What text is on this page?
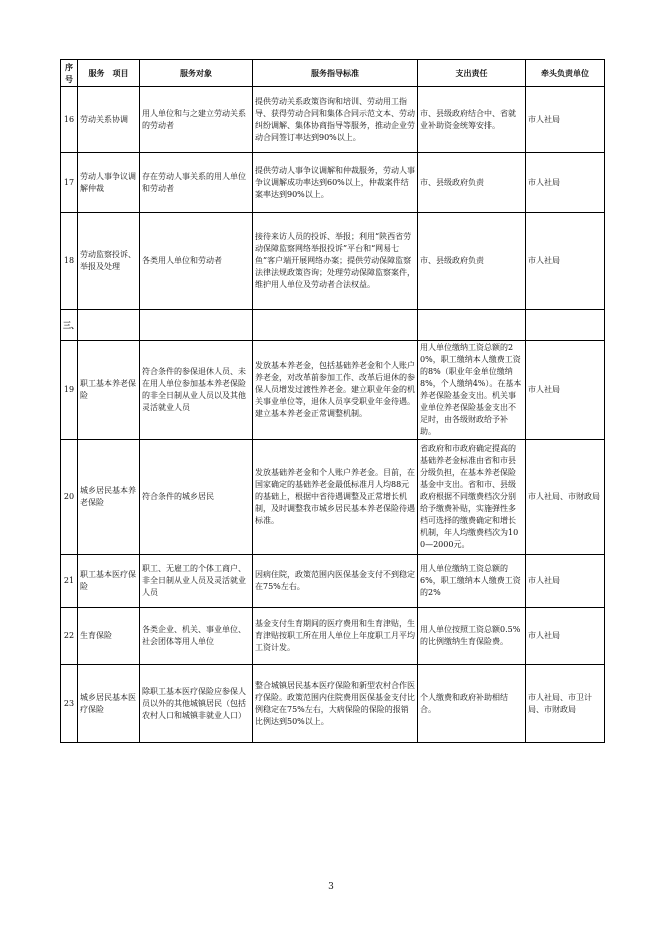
序号	服务　项目	服务对象	服务指导标准	支出责任	牵头负责单位
16	劳动关系协调	用人单位和与之建立劳动关系的劳动者	提供劳动关系政策咨询和培训、劳动用工指导、获得劳动合同和集体合同示范文本、劳动纠纷调解、集体协商指导等服务，推动企业劳动合同签订率达到90%以上。	市、县级政府结合中、省就业补助资金统筹安排。	市人社局
17	劳动人事争议调解仲裁	存在劳动人事关系的用人单位和劳动者	提供劳动人事争议调解和仲裁服务，劳动人事争议调解成功率达到60%以上，仲裁案件结案率达到90%以上。	市、县级政府负责	市人社局
18	劳动监察投诉、举报及处理	各类用人单位和劳动者	接待来访人员的投诉、举报；利用“陕西省劳动保障监察网络举报投诉”平台和“网易七鱼”客户端开展网络办案；提供劳动保障监察法律法规政策咨询；处理劳动保障监察案件，维护用人单位及劳动者合法权益。	市、县级政府负责	市人社局
三、					
19	职工基本养老保险	符合条件的参保退休人员、未在用人单位参加基本养老保险的非全日制从业人员以及其他灵活就业人员	发放基本养老金，包括基础养老金和个人账户养老金，对改革前参加工作、改革后退休的参保人员增发过渡性养老金。建立职业年金的机关事业单位等，退休人员享受职业年金待遇。建立基本养老金正常调整机制。	用人单位缴纳工资总额的20%，职工缴纳本人缴费工资的8%（职业年金单位缴纳8%，个人缴纳4%）。在基本养老保险基金支出。机关事业单位养老保险基金支出不足时，由各级财政给予补助。	市人社局
20	城乡居民基本养老保险	符合条件的城乡居民	发放基础养老金和个人账户养老金。目前，在国家确定的基础养老金最低标准月人均88元的基础上，根据中省待遇调整及正常增长机制，及时调整我市城乡居民基本养老保险待遇标准。	省政府和市政府确定提高的基础养老金标准由省和市县分级负担，在基本养老保险基金中支出。省和市、县级政府根据不同缴费档次分别给予缴费补贴，实施弹性多档可选择的缴费确定和增长机制，年人均缴费档次为100—2000元。	市人社局、市财政局
21	职工基本医疗保险	职工、无雇工的个体工商户、非全日制从业人员及灵活就业人员	因病住院，政策范围内医保基金支付不到稳定在75%左右。	用人单位缴纳工资总额的6%，职工缴纳本人缴费工资的2%	市人社局
22	生育保险	各类企业、机关、事业单位、社会团体等用人单位	基金支付生育期间的医疗费用和生育津贴，生育津贴按职工所在用人单位上年度职工月平均工资计发。	用人单位按照工资总额0.5%的比例缴纳生育保险费。	市人社局
23	城乡居民基本医疗保险	除职工基本医疗保险应参保人员以外的其他城镇居民（包括农村人口和城镇非就业人口）	整合城镇居民基本医疗保险和新型农村合作医疗保险。政策范围内住院费用医保基金支付比例稳定在75%左右，大病保险的保险的报销比例达到50%以上。	个人缴费和政府补助相结合。	市人社局、市卫计局、市财政局
3
